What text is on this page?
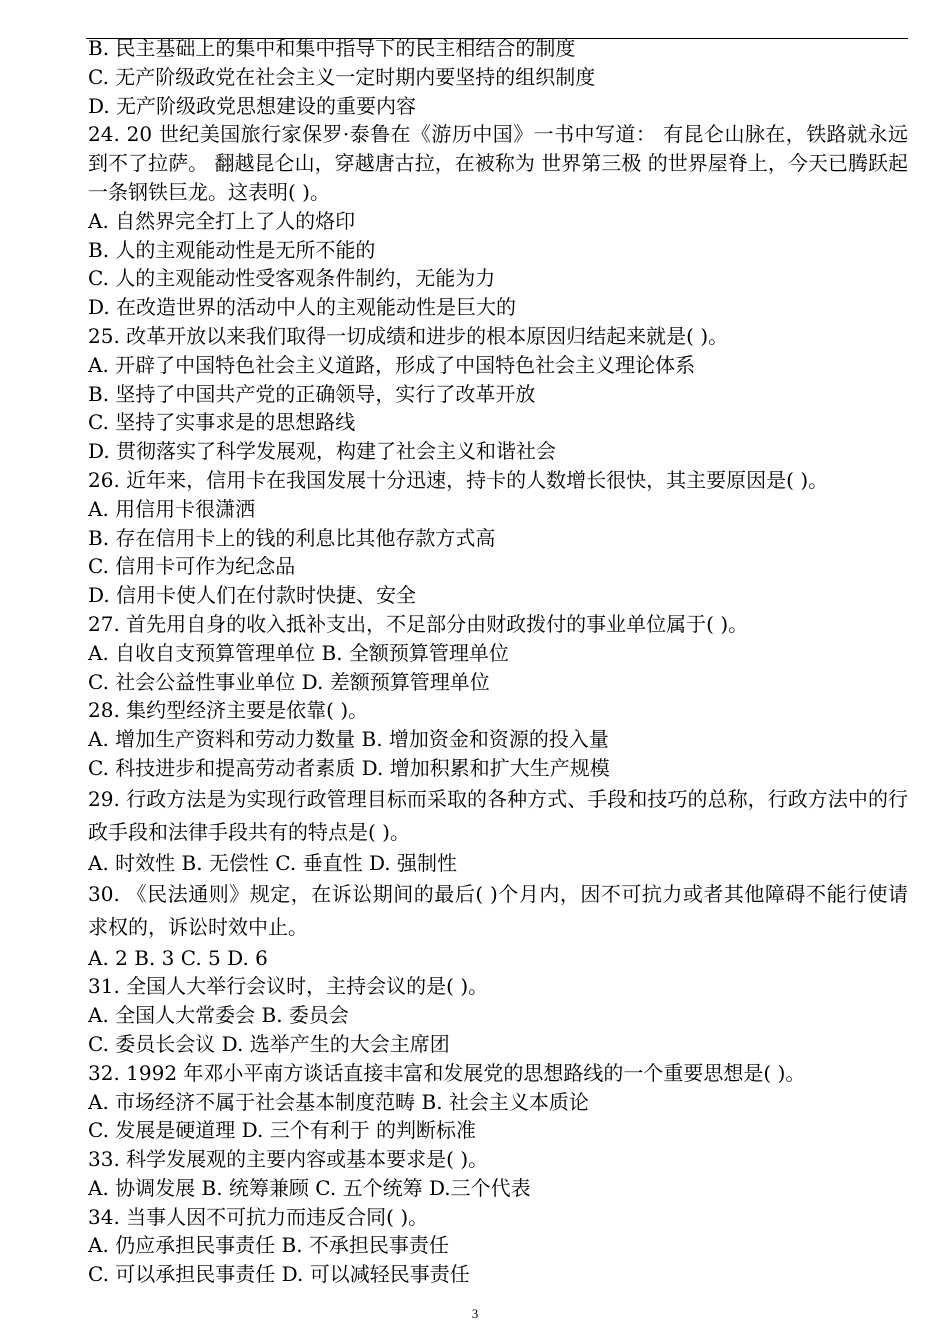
B. 民主基础上的集中和集中指导下的民主相结合的制度
C. 无产阶级政党在社会主义一定时期内要坚持的组织制度
D. 无产阶级政党思想建设的重要内容
24. 20 世纪美国旅行家保罗·泰鲁在《游历中国》一书中写道： 有昆仑山脉在，铁路就永远到不了拉萨。 翻越昆仑山，穿越唐古拉，在被称为 世界第三极 的世界屋脊上，今天已腾跃起一条钢铁巨龙。这表明( )。
A. 自然界完全打上了人的烙印
B. 人的主观能动性是无所不能的
C. 人的主观能动性受客观条件制约，无能为力
D. 在改造世界的活动中人的主观能动性是巨大的
25. 改革开放以来我们取得一切成绩和进步的根本原因归结起来就是( )。
A. 开辟了中国特色社会主义道路，形成了中国特色社会主义理论体系
B. 坚持了中国共产党的正确领导，实行了改革开放
C. 坚持了实事求是的思想路线
D. 贯彻落实了科学发展观，构建了社会主义和谐社会
26. 近年来，信用卡在我国发展十分迅速，持卡的人数增长很快，其主要原因是( )。
A. 用信用卡很潇洒
B. 存在信用卡上的钱的利息比其他存款方式高
C. 信用卡可作为纪念品
D. 信用卡使人们在付款时快捷、安全
27. 首先用自身的收入抵补支出，不足部分由财政拨付的事业单位属于( )。
A. 自收自支预算管理单位 B. 全额预算管理单位
C. 社会公益性事业单位 D. 差额预算管理单位
28. 集约型经济主要是依靠( )。
A. 增加生产资料和劳动力数量 B. 增加资金和资源的投入量
C. 科技进步和提高劳动者素质 D. 增加积累和扩大生产规模
29. 行政方法是为实现行政管理目标而采取的各种方式、手段和技巧的总称，行政方法中的行政手段和法律手段共有的特点是( )。
A. 时效性 B. 无偿性 C. 垂直性 D. 强制性
30. 《民法通则》规定，在诉讼期间的最后( )个月内，因不可抗力或者其他障碍不能行使请求权的，诉讼时效中止。
A. 2 B. 3 C. 5 D. 6
31. 全国人大举行会议时，主持会议的是( )。
A. 全国人大常委会 B. 委员会
C. 委员长会议 D. 选举产生的大会主席团
32. 1992 年邓小平南方谈话直接丰富和发展党的思想路线的一个重要思想是( )。
A. 市场经济不属于社会基本制度范畴 B. 社会主义本质论
C. 发展是硬道理 D. 三个有利于 的判断标准
33. 科学发展观的主要内容或基本要求是( )。
A. 协调发展 B. 统筹兼顾 C. 五个统筹 D.三个代表
34. 当事人因不可抗力而违反合同( )。
A. 仍应承担民事责任 B. 不承担民事责任
C. 可以承担民事责任 D. 可以减轻民事责任
3
